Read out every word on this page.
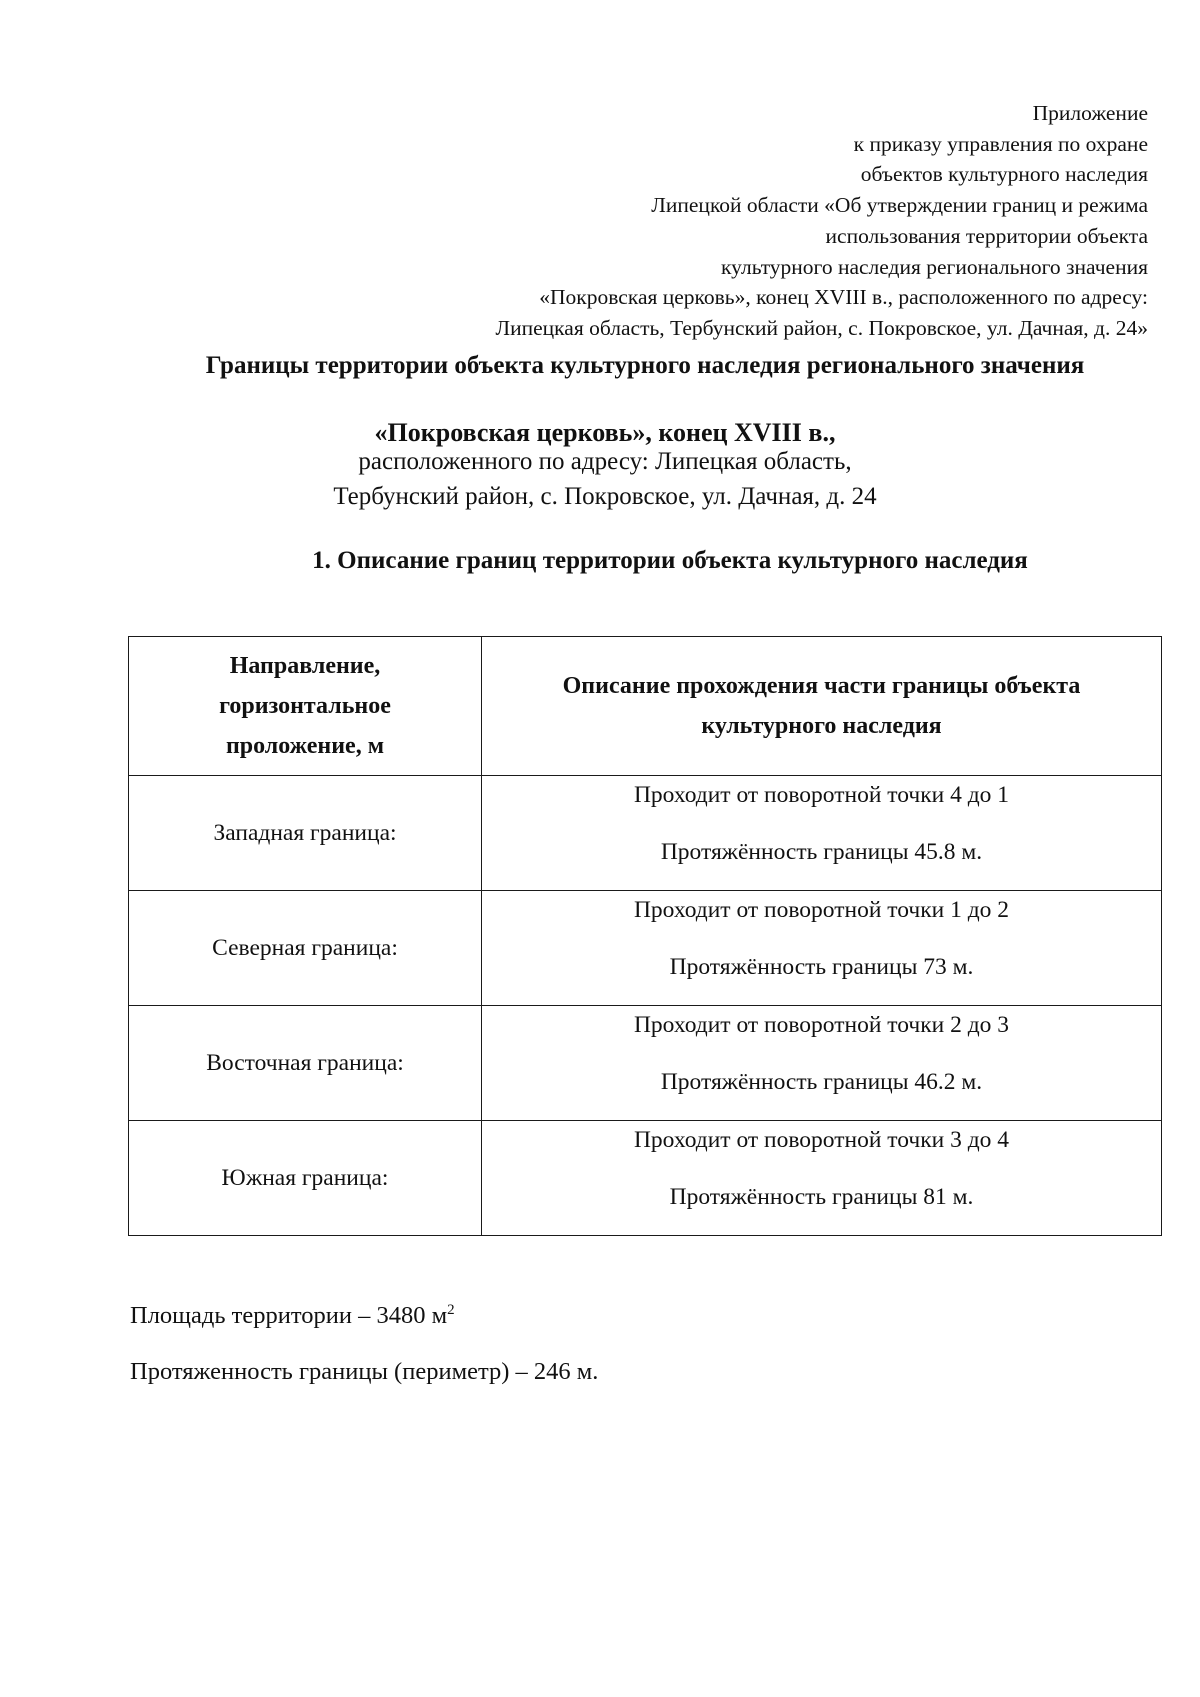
Приложение
к приказу управления по охране
объектов культурного наследия
Липецкой области «Об утверждении границ и режима
использования территории объекта
культурного наследия регионального значения
«Покровская церковь», конец XVIII в., расположенного по адресу:
Липецкая область, Тербунский район, с. Покровское, ул. Дачная, д. 24»
Границы территории объекта культурного наследия регионального значения
«Покровская церковь», конец XVIII в.,
расположенного по адресу: Липецкая область,
Тербунский район, с. Покровское, ул. Дачная, д. 24
1. Описание границ территории объекта культурного наследия
Направление,
горизонтальное
проложение, м	Описание прохождения части границы объекта
культурного наследия
Западная граница:	Проходит от поворотной точки 4 до 1
Протяжённость границы 45.8 м.

Северная граница:	Проходит от поворотной точки 1 до 2
Протяжённость границы 73 м.

Восточная граница:	Проходит от поворотной точки 2 до 3
Протяжённость границы 46.2 м.

Южная граница:	Проходит от поворотной точки 3 до 4
Протяжённость границы 81 м.
Площадь территории – 3480 $м^2$
Протяженность границы (периметр) – 246 м.
